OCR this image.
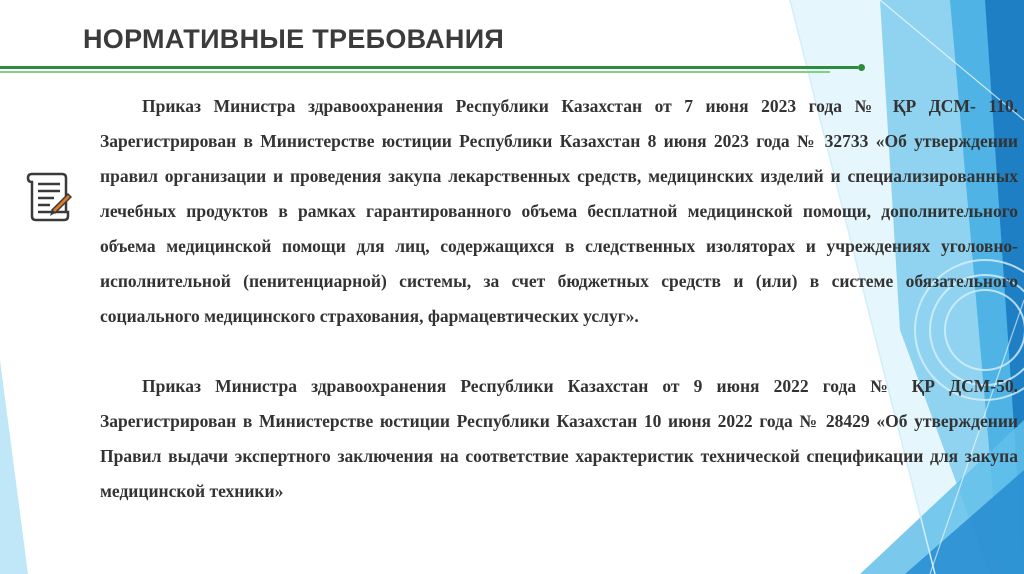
НОРМАТИВНЫЕ ТРЕБОВАНИЯ

Приказ Министра здравоохранения Республики Казахстан от 7 июня 2023 года № ҚР ДСМ- 110. Зарегистрирован в Министерстве юстиции Республики Казахстан 8 июня 2023 года № 32733 «Об утверждении правил организации и проведения закупа лекарственных средств, медицинских изделий и специализированных лечебных продуктов в рамках гарантированного объема бесплатной медицинской помощи, дополнительного объема медицинской помощи для лиц, содержащихся в следственных изоляторах и учреждениях уголовно-исполнительной (пенитенциарной) системы, за счет бюджетных средств и (или) в системе обязательного социального медицинского страхования, фармацевтических услуг».

Приказ Министра здравоохранения Республики Казахстан от 9 июня 2022 года № ҚР ДСМ-50. Зарегистрирован в Министерстве юстиции Республики Казахстан 10 июня 2022 года № 28429 «Об утверждении Правил выдачи экспертного заключения на соответствие характеристик технической спецификации для закупа медицинской техники»
